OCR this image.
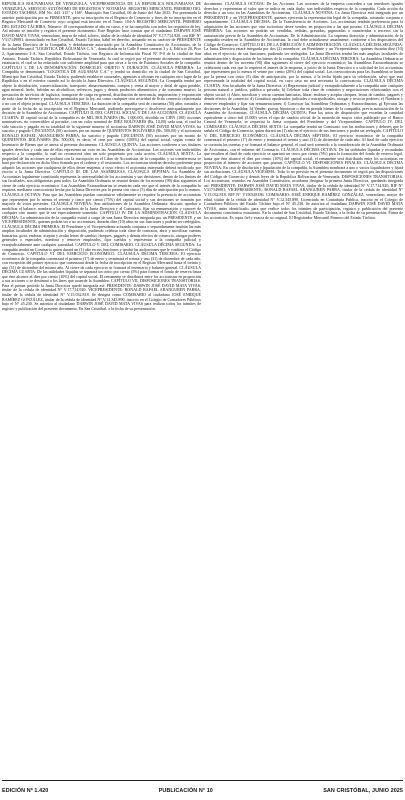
REPÚBLICA BOLIVARIANA DE VENEZUELA. VICEPRESIDENCIA DE LA REPÚBLICA BOLIVARIANA DE VENEZUELA. SERVICIO AUTÓNOMO DE REGISTROS Y NOTARÍAS. REGISTRO MERCANTIL PRIMERO DEL ESTADO TÁCHIRA. RM No. 443. 215° y 166°. Municipio San Cristóbal, 06 de Junio del Año 2025. Por presentada la anterior participación por su FIRMANTE, para su inscripción en el Registro de Comercio y fines de su inscripción en el Registro Mercantil de Comercio cuyo original está inscrito en el Tomo: 104-A REGISTRO MERCANTIL PRIMERO DEL ESTADO TÁCHIRA, Número: 10 correspondiente al año en curso, y se ha cumplido con todos los requisitos de ley. Así mismo se inscribe y registra el presente documento. Este Registro hace constar que el ciudadano DARWIN JOSÉ DAVID MATA VIVAS, venezolano, mayor de edad, soltero, titular de la cédula de identidad N° V.17.714.920, con RIF N° V317149081, domiciliado en San Cristóbal, Estado Táchira, hábil en derecho, actuando en su carácter de PRESIDENTE de la Junta Directiva de la Compañía, y debidamente autorizado por la Asamblea Constitutiva de Accionistas, de la Sociedad Mercantil "LOGISTICA DE AGUAMAS C.A.", domiciliada en la Calle 8 entre carreras 3 y 4, Edificio 20, Piso 2, Apartamento 2-A, San Cristóbal, Estado Táchira, con Registro de Información Fiscal N° P-0 de la ciudad de San Antonio, Estado Táchira, República Bolivariana de Venezuela, la cual se regirá por el presente documento constitutivo estatutario, el cual se ha redactado con suficiente amplitud para que sirva a la vez de Estatutos Sociales de la compañía. CAPÍTULO I. DE LA DENOMINACIÓN, DOMICILIO, OBJETO Y DURACIÓN. CLÁUSULA PRIMERA: La Compañía se denominará "LOGISTICA DE AGUAMAS C.A." y tendrá su domicilio en la ciudad de San Cristóbal, Municipio San Cristóbal, Estado Táchira, pudiendo establecer sucursales, agencias u oficinas en cualquier otro lugar de la República o en el exterior cuando así lo decida la Junta Directiva. CLÁUSULA SEGUNDA: La Compañía tendrá por objeto la distribución, comercialización, transporte, almacenamiento, compra y venta al mayor y detal de agua potable, agua mineral, hielo, bebidas no alcohólicas, refrescos, jugos y demás productos alimenticios y de consumo masivo; la prestación de servicios de logística, transporte de carga en general, distribución de mercancía, importación y exportación de toda clase de bienes y productos permitidos por la ley, así como cualquier otra actividad de lícito comercio relacionada o no con el objeto principal. CLÁUSULA TERCERA: La duración de la compañía será de cincuenta (50) años contados a partir de la fecha de su inscripción en el Registro Mercantil, pudiendo prorrogarse o disolverse anticipadamente por decisión de la Asamblea de Accionistas. CAPÍTULO II. DEL CAPITAL SOCIAL Y DE LAS ACCIONES. CLÁUSULA CUARTA: El capital social de la compañía es de MIL BOLÍVARES (Bs. 1.000,00), dividido en CIEN (100) acciones nominativas, no convertibles al portador, con un valor nominal de DIEZ BOLÍVARES (Bs. 10,00) cada una, el cual ha sido suscrito y pagado en su totalidad de la siguiente manera: el accionista DARWIN JOSÉ DAVID MATA VIVAS, ha suscrito y pagado CINCUENTA (50) acciones por un monto de QUINIENTOS BOLÍVARES (Bs. 500,00) y el accionista RONALD RAFAEL ARANGUREN PARRA, ha suscrito y pagado CINCUENTA (50) acciones por un monto de QUINIENTOS BOLÍVARES (Bs. 500,00), es decir, el cien por ciento (100%) del capital social, según consta de Inventario de Bienes que se anexa al presente documento. CLÁUSULA QUINTA: Las acciones confieren a sus titulares iguales derechos y cada una de ellas representa un voto en las Asambleas de Accionistas. Las acciones son indivisibles respecto a la compañía, la cual no reconocerá sino un solo propietario por cada acción. CLÁUSULA SEXTA: La propiedad de las acciones se probará con la inscripción en el Libro de Accionistas de la compañía, y su transferencia se hará por declaración en dicho libro firmada por el cedente y el cesionario. Los accionistas tendrán derecho preferente para adquirir las acciones que cualquiera de ellos desee enajenar, a cuyo efecto el accionista interesado deberá notificarlo por escrito a la Junta Directiva. CAPÍTULO III. DE LAS ASAMBLEAS. CLÁUSULA SÉPTIMA: La Asamblea de Accionistas legalmente constituida representa la universalidad de los accionistas y sus decisiones, dentro de los límites de sus facultades, son obligatorias para todos. La Asamblea Ordinaria se reunirá dentro de los noventa (90) días siguientes al cierre de cada ejercicio económico. Las Asambleas Extraordinarias se reunirán cada vez que el interés de la compañía lo requiera, mediante convocatoria hecha por la Junta Directiva por la prensa con cinco (5) días de anticipación por lo menos. CLÁUSULA OCTAVA: Para que las Asambleas puedan constituirse válidamente se requiere la presencia de accionistas que representen por lo menos el setenta y cinco por ciento (75%) del capital social y sus decisiones se tomarán por mayoría de votos presentes. CLÁUSULA NOVENA: Son atribuciones de la Asamblea Ordinaria: discutir, aprobar o modificar el balance, nombrar a los miembros de la Junta Directiva y al Comisario, fijar su remuneración y conocer de cualquier otro asunto que le sea especialmente sometido. CAPÍTULO IV. DE LA ADMINISTRACIÓN. CLÁUSULA DÉCIMA: La administración de la compañía estará a cargo de una Junta Directiva integrada por un PRESIDENTE y un VICEPRESIDENTE, quienes podrán ser o no accionistas, durarán diez (10) años en sus funciones y podrán ser reelegidos. CLÁUSULA DÉCIMA PRIMERA: El Presidente y el Vicepresidente actuando conjunta o separadamente tendrán las más amplias facultades de administración y disposición, pudiendo celebrar toda clase de contratos, abrir y movilizar cuentas bancarias, girar, endosar, aceptar y avalar letras de cambio, cheques, pagarés y demás efectos de comercio, otorgar poderes generales o especiales, nombrar y remover empleados, fijar sueldos y representar a la compañía judicial y extrajudicialmente ante cualquier autoridad. CAPÍTULO V. DEL COMISARIO. CLÁUSULA DÉCIMA SEGUNDA: La compañía tendrá un Comisario quien durará un (1) año en sus funciones y tendrá las atribuciones que le confiere el Código de Comercio. CAPÍTULO VI. DEL EJERCICIO ECONÓMICO. CLÁUSULA DÉCIMA TERCERA: El ejercicio económico de la compañía comenzará el primero (1°) de enero y terminará el treinta y uno (31) de diciembre de cada año, con excepción del primer ejercicio que comenzará desde la fecha de inscripción en el Registro Mercantil hasta el treinta y uno (31) de diciembre del mismo año. Al cierre de cada ejercicio se formará el inventario y balance general. CLÁUSULA DÉCIMA CUARTA: De las utilidades líquidas se separará un cinco por ciento (5%) para formar el fondo de reserva hasta que éste alcance el diez por ciento (10%) del capital social. El remanente se distribuirá entre los accionistas en proporción a sus acciones o se destinará a los fines que acuerde la Asamblea. CAPÍTULO VII. DISPOSICIONES TRANSITORIAS. Para el primer período la Junta Directiva quedó integrada así: PRESIDENTE: DARWIN JOSÉ DAVID MATA VIVAS, titular de la cédula de identidad N° V.17.714.920; VICEPRESIDENTE: RONALD RAFAEL ARANGUREN PARRA, titular de la cédula de identidad N° V.15.032.818. Se designa como COMISARIO al ciudadano JOSÉ ENRIQUE RAMÍREZ GONZÁLEZ, titular de la cédula de identidad N° V.12.345.890, inscrito en el Colegio de Contadores Públicos bajo el N° 45.230. Se autoriza al ciudadano DARWIN JOSÉ DAVID MATA VIVAS para realizar todos los trámites de registro y publicación del presente documento. En San Cristóbal, a la fecha de su presentación.

documento. CLÁUSULA OCTAVA: De las Acciones. Las acciones de la empresa conceden a sus tenedores iguales derechos y representan el valor que se indica en cada título; son indivisibles respecto de la compañía. Cada acción da derecho a un voto en las Asambleas de Accionistas. CLÁUSULA NOVENA: La Junta Directiva está integrada por un PRESIDENTE y un VICEPRESIDENTE, quienes ejercerán la representación legal de la compañía, actuando conjunta o separadamente. CLÁUSULA DÉCIMA: De la Transferencia de Acciones. Los accionistas tendrán preferencia para la adquisición de las acciones que otro accionista desee vender, en proporción a las que posean. CLÁUSULA DÉCIMA PRIMERA: Las acciones no podrán ser vendidas, cedidas, gravadas, pignoradas o transferidas a terceros sin la autorización previa de la Asamblea de Accionistas. De la Administración. La suprema dirección y administración de la compañía residen en la Asamblea de Accionistas, la cual debe actualizarse anualmente, conforme a los dispositivos del Código de Comercio. CAPÍTULO III. DE LA DIRECCIÓN Y ADMINISTRACIÓN. CLÁUSULA DÉCIMA SEGUNDA: La Junta Directiva estará integrada por dos (2) miembros: un Presidente y un Vicepresidente, quienes durarán diez (10) años en el ejercicio de sus funciones, pudiendo ser reelegidos. La Junta Directiva tendrá las más amplias facultades de administración y disposición de los bienes de la compañía. CLÁUSULA DÉCIMA TERCERA: La Asamblea Ordinaria se reunirá dentro de los noventa (90) días siguientes al cierre del ejercicio económico; las Asambleas Extraordinarias se celebrarán cada vez que lo requiera el interés de la empresa, a juicio de la Junta Directiva o a solicitud de los accionistas que representen por lo menos el veinte por ciento (20%) del capital social. Las convocatorias para las Asambleas se harán por la prensa con cinco (5) días de anticipación, por lo menos, a la fecha fijada para su celebración, salvo que esté representada la totalidad del capital social, en cuyo caso no será necesaria la convocatoria. CLÁUSULA DÉCIMA CUARTA: Son facultades de la Junta Directiva: a) Representar judicial y extrajudicialmente a la compañía ante cualquier persona natural o jurídica, pública o privada; b) Celebrar toda clase de contratos y negociaciones relacionados con el objeto social; c) Abrir, movilizar y cerrar cuentas bancarias, librar, endosar y aceptar cheques, letras de cambio, pagarés y demás efectos de comercio; d) Constituir apoderados judiciales o extrajudiciales, otorgar y revocar poderes; e) Nombrar y remover empleados y fijar sus remuneraciones; f) Convocar las Asambleas Ordinarias y Extraordinarias; g) Ejecutar las decisiones de la Asamblea; h) Vender, gravar, hipotecar o dar en prenda bienes de la compañía, previa autorización de la Asamblea de Accionistas. CLÁUSULA DÉCIMA QUINTA: Para los actos de disposición que excedan la cantidad equivalente a cinco mil (5.000) veces el tipo de cambio oficial de la moneda de mayor valor publicado por el Banco Central de Venezuela, se requerirá la firma conjunta del Presidente y del Vicepresidente. CAPÍTULO IV. DEL COMISARIO. CLÁUSULA DÉCIMA SEXTA: La compañía tendrá un Comisario con las atribuciones y deberes que le señala el Código de Comercio, quien durará un (1) año en el ejercicio de sus funciones y podrá ser reelegido. CAPÍTULO V. DEL EJERCICIO ECONÓMICO. CLÁUSULA DÉCIMA SÉPTIMA: El ejercicio económico de la compañía comenzará el primero (1°) de enero y terminará el treinta y uno (31) de diciembre de cada año. Al final de cada ejercicio se cortarán las cuentas y se formará el balance general, el cual será sometido a la consideración de la Asamblea Ordinaria de Accionistas, con el informe del Comisario. CLÁUSULA DÉCIMA OCTAVA: De las utilidades líquidas y recaudadas que resulten al final de cada ejercicio se apartará un cinco por ciento (5%) para la formación del fondo de reserva legal, hasta que éste alcance el diez por ciento (10%) del capital social; el remanente será distribuido entre los accionistas en proporción al número de acciones que posean. CAPÍTULO VI. DISPOSICIONES FINALES. CLÁUSULA DÉCIMA NOVENA: En caso de disolución y liquidación de la compañía, la Asamblea nombrará a uno o varios liquidadores y fijará sus atribuciones. CLÁUSULA VIGÉSIMA: Todo lo no previsto en el presente documento se regirá por las disposiciones del Código de Comercio y demás leyes de la República Bolivariana de Venezuela. DISPOSICIONES TRANSITORIAS. Los accionistas, reunidos en Asamblea Constitutiva, acordaron designar la primera Junta Directiva, quedando integrada así: PRESIDENTE: DARWIN JOSÉ DAVID MATA VIVAS, titular de la cédula de identidad N° V.17.714.920, RIF N° V317149081; VICEPRESIDENTE: RONALD RAFAEL ARANGUREN PARRA, titular de la cédula de identidad N° V.15.032.818, RIF N° V150328186. COMISARIO: JOSÉ ENRIQUE RAMÍREZ GONZÁLEZ, venezolano, mayor de edad, titular de la cédula de identidad N° V.12.345.890, Licenciado en Contaduría Pública, inscrito en el Colegio de Contadores Públicos del Estado Táchira bajo el N° 45.230. Se autoriza al ciudadano DARWIN JOSÉ DAVID MATA VIVAS, antes identificado, para que realice todos los trámites de participación, registro y publicación del presente documento constitutivo estatutario. En la ciudad de San Cristóbal, Estado Táchira, a la fecha de su presentación. Firma de los accionistas. Es copia fiel y exacta de su original. El Registrador Mercantil Primero del Estado Táchira.

EDICIÓN Nº 1.420	PUBLICACIÓN N° 10	SAN CRISTÓBAL, JUNIO 2025
